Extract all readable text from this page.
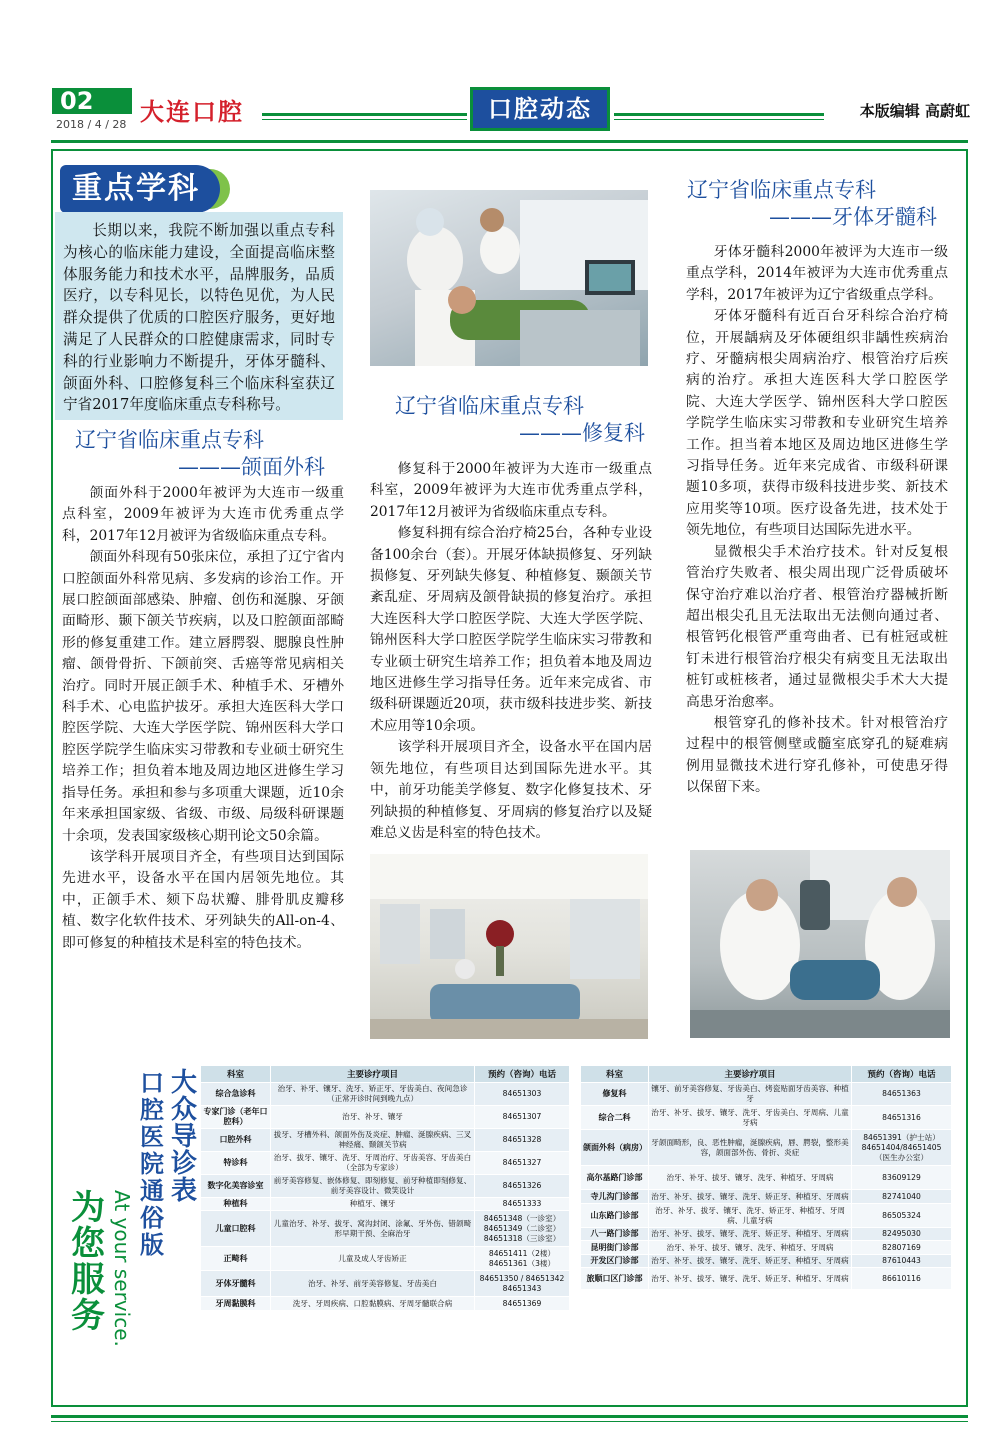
02
2018 / 4 / 28 大连口腔	口腔动态	本版编辑 高蔚虹
重点学科
长期以来，我院不断加强以重点专科为核心的临床能力建设，全面提高临床整体服务能力和技术水平，品牌服务，品质医疗，以专科见长，以特色见优，为人民群众提供了优质的口腔医疗服务，更好地满足了人民群众的口腔健康需求，同时专科的行业影响力不断提升，牙体牙髓科、颌面外科、口腔修复科三个临床科室获辽宁省2017年度临床重点专科称号。
辽宁省临床重点专科
———颌面外科

颌面外科于2000年被评为大连市一级重点科室，2009年被评为大连市优秀重点学科，2017年12月被评为省级临床重点专科。

颌面外科现有50张床位，承担了辽宁省内口腔颌面外科常见病、多发病的诊治工作。开展口腔颌面部感染、肿瘤、创伤和涎腺、牙颌面畸形、颞下颌关节疾病，以及口腔颌面部畸形的修复重建工作。建立唇腭裂、腮腺良性肿瘤、颌骨骨折、下颌前突、舌癌等常见病相关治疗。同时开展正颌手术、种植手术、牙槽外科手术、心电监护拔牙。承担大连医科大学口腔医学院、大连大学医学院、锦州医科大学口腔医学院学生临床实习带教和专业硕士研究生培养工作；担负着本地及周边地区进修生学习指导任务。承担和参与多项重大课题，近10余年来承担国家级、省级、市级、局级科研课题十余项，发表国家级核心期刊论文50余篇。

该学科开展项目齐全，有些项目达到国际先进水平，设备水平在国内居领先地位。其中，正颌手术、颏下岛状瓣、腓骨肌皮瓣移植、数字化软件技术、牙列缺失的All-on-4、即可修复的种植技术是科室的特色技术。

辽宁省临床重点专科
———修复科

修复科于2000年被评为大连市一级重点科室，2009年被评为大连市优秀重点学科，2017年12月被评为省级临床重点专科。

修复科拥有综合治疗椅25台，各种专业设备100余台（套）。开展牙体缺损修复、牙列缺损修复、牙列缺失修复、种植修复、颞颌关节紊乱症、牙周病及颌骨缺损的修复治疗。承担大连医科大学口腔医学院、大连大学医学院、锦州医科大学口腔医学院学生临床实习带教和专业硕士研究生培养工作；担负着本地及周边地区进修生学习指导任务。近年来完成省、市级科研课题近20项，获市级科技进步奖、新技术应用等10余项。

该学科开展项目齐全，设备水平在国内居领先地位，有些项目达到国际先进水平。其中，前牙功能美学修复、数字化修复技术、牙列缺损的种植修复、牙周病的修复治疗以及疑难总义齿是科室的特色技术。

辽宁省临床重点专科
———牙体牙髓科

牙体牙髓科2000年被评为大连市一级重点学科，2014年被评为大连市优秀重点学科，2017年被评为辽宁省级重点学科。

牙体牙髓科有近百台牙科综合治疗椅位，开展龋病及牙体硬组织非龋性疾病治疗、牙髓病根尖周病治疗、根管治疗后疾病的治疗。承担大连医科大学口腔医学院、大连大学医学、锦州医科大学口腔医学院学生临床实习带教和专业研究生培养工作。担当着本地区及周边地区进修生学习指导任务。近年来完成省、市级科研课题10多项，获得市级科技进步奖、新技术应用奖等10项。医疗设备先进，技术处于领先地位，有些项目达国际先进水平。

显微根尖手术治疗技术。针对反复根管治疗失败者、根尖周出现广泛骨质破坏保守治疗难以治疗者、根管治疗器械折断超出根尖孔且无法取出无法侧向通过者、根管钙化根管严重弯曲者、已有桩冠或桩钉未进行根管治疗根尖有病变且无法取出桩钉或桩核者，通过显微根尖手术大大提高患牙治愈率。

根管穿孔的修补技术。针对根管治疗过程中的根管侧壁或髓室底穿孔的疑难病例用显微技术进行穿孔修补，可使患牙得以保留下来。

大众导诊表
口腔医院通俗版
为您服务 At your service.
科室	主要诊疗项目	预约（咨询）电话
综合急诊科	治牙、补牙、镶牙、洗牙、矫正牙、牙齿美白、夜间急诊（正常开诊时间到晚九点）	84651303
专家门诊（老年口腔科）	治牙、补牙、镶牙	84651307
口腔外科	拔牙、牙槽外科、颌面外伤及炎症、肿瘤、涎腺疾病、三叉神经痛、颞颌关节病	84651328
特诊科	治牙、拔牙、镶牙、洗牙、牙周治疗、牙齿美容、牙齿美白（全部为专家诊）	84651327
数字化美容诊室	前牙美容修复、嵌体修复、即刻修复、前牙种植即刻修复、前牙美容设计、微笑设计	84651326
种植科	种植牙、镶牙	84651333
儿童口腔科	儿童治牙、补牙、拔牙、窝沟封闭、涂氟、牙外伤、错颌畸形早期干预、全麻治牙	84651348（一诊室）
84651349（二诊室）
84651318（三诊室）
正畸科	儿童及成人牙齿矫正	84651411（2楼）
84651361（3楼）
牙体牙髓科	治牙、补牙、前牙美容修复、牙齿美白	84651350 / 84651342
84651343
牙周黏膜科	洗牙、牙周疾病、口腔黏膜病、牙周牙髓联合病	84651369
科室	主要诊疗项目	预约（咨询）电话
修复科	镶牙、前牙美容修复、牙齿美白、烤瓷贴面牙齿美容、种植牙	84651363
综合二科	治牙、补牙、拔牙、镶牙、洗牙、牙齿美白、牙周病、儿童牙病	84651316
颌面外科（病房）	牙颌面畸形，良、恶性肿瘤，涎腺疾病，唇、腭裂，整形美容，颌面部外伤、骨折、炎症	84651391（护士站）
84651404/84651405
（医生办公室）
高尔基路门诊部	治牙、补牙、拔牙、镶牙、洗牙、种植牙、牙周病	83609129
寺儿沟门诊部	治牙、补牙、拔牙、镶牙、洗牙、矫正牙、种植牙、牙周病	82741040
山东路门诊部	治牙、补牙、拔牙、镶牙、洗牙、矫正牙、种植牙、牙周病、儿童牙病	86505324
八一路门诊部	治牙、补牙、拔牙、镶牙、洗牙、矫正牙、种植牙、牙周病	82495030
昆明街门诊部	治牙、补牙、拔牙、镶牙、洗牙、种植牙、牙周病	82807169
开发区门诊部	治牙、补牙、拔牙、镶牙、洗牙、矫正牙、种植牙、牙周病	87610443
旅顺口区门诊部	治牙、补牙、拔牙、镶牙、洗牙、矫正牙、种植牙、牙周病	86610116
